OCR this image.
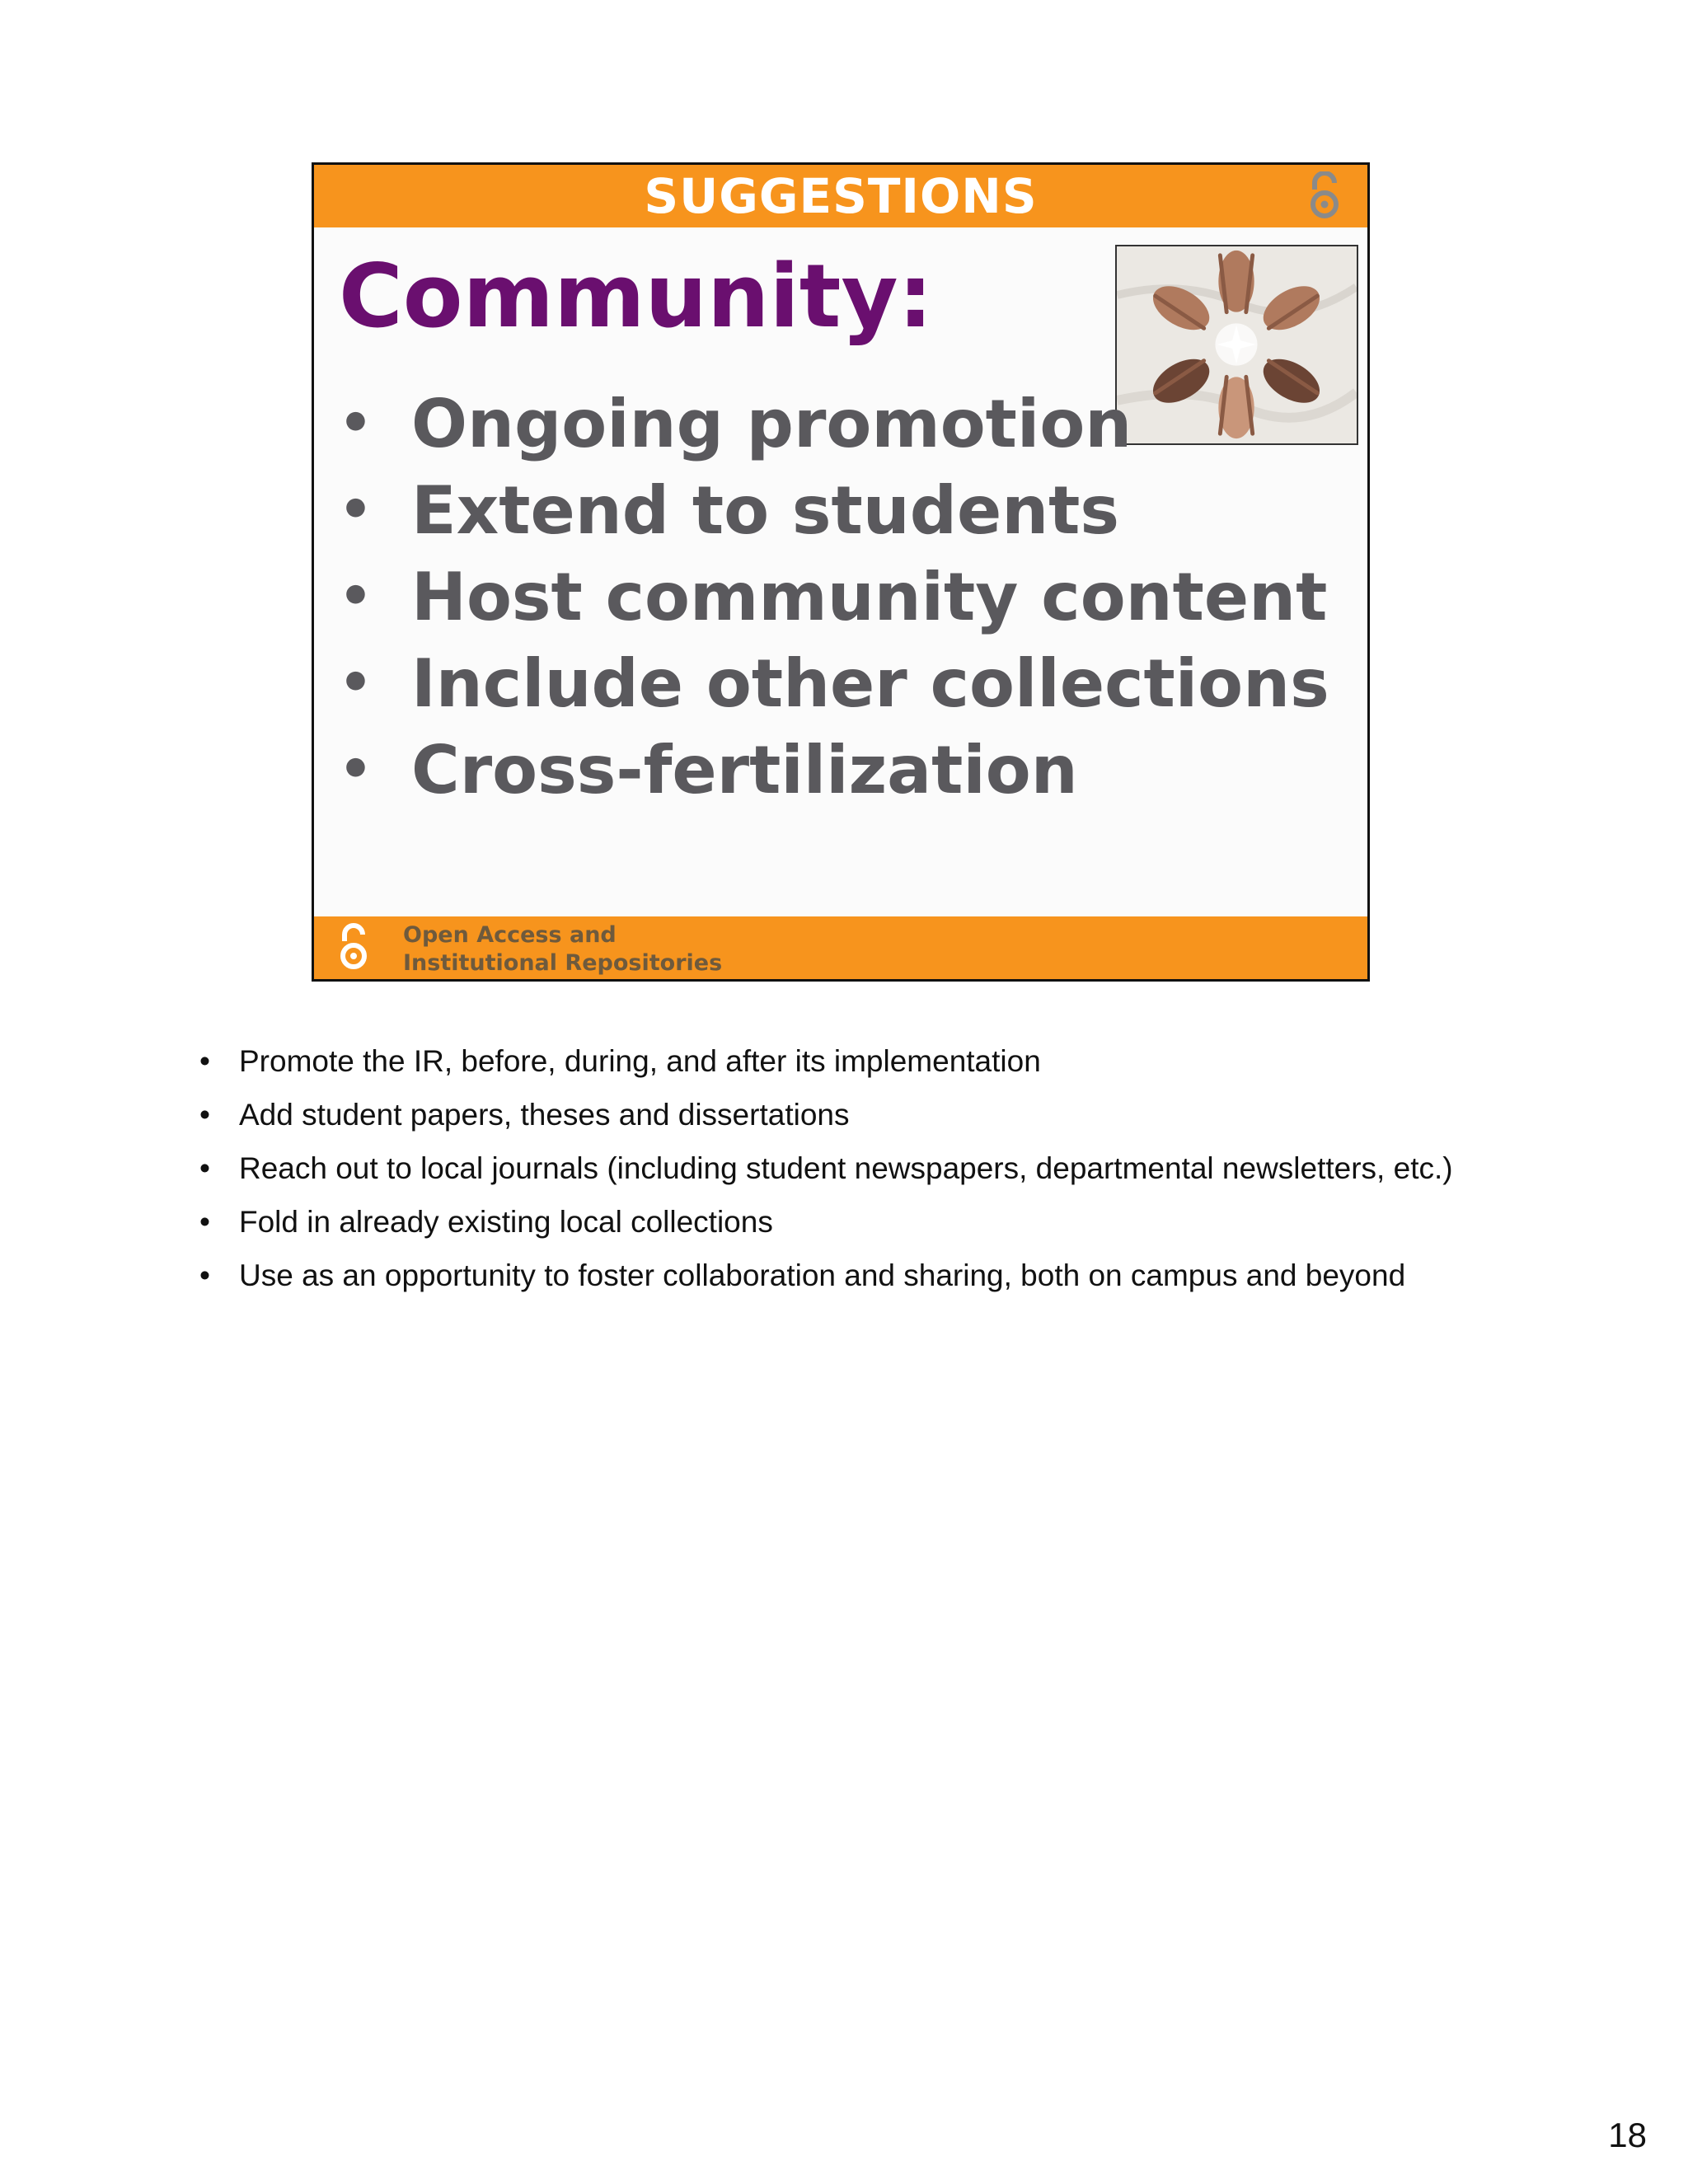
SUGGESTIONS
Community:
• Ongoing promotion
• Extend to students
• Host community content
• Include other collections
• Cross-fertilization
Open Access and
Institutional Repositories
• Promote the IR, before, during, and after its implementation
• Add student papers, theses and dissertations
• Reach out to local journals (including student newspapers, departmental newsletters, etc.)
• Fold in already existing local collections
• Use as an opportunity to foster collaboration and sharing, both on campus and beyond
18
